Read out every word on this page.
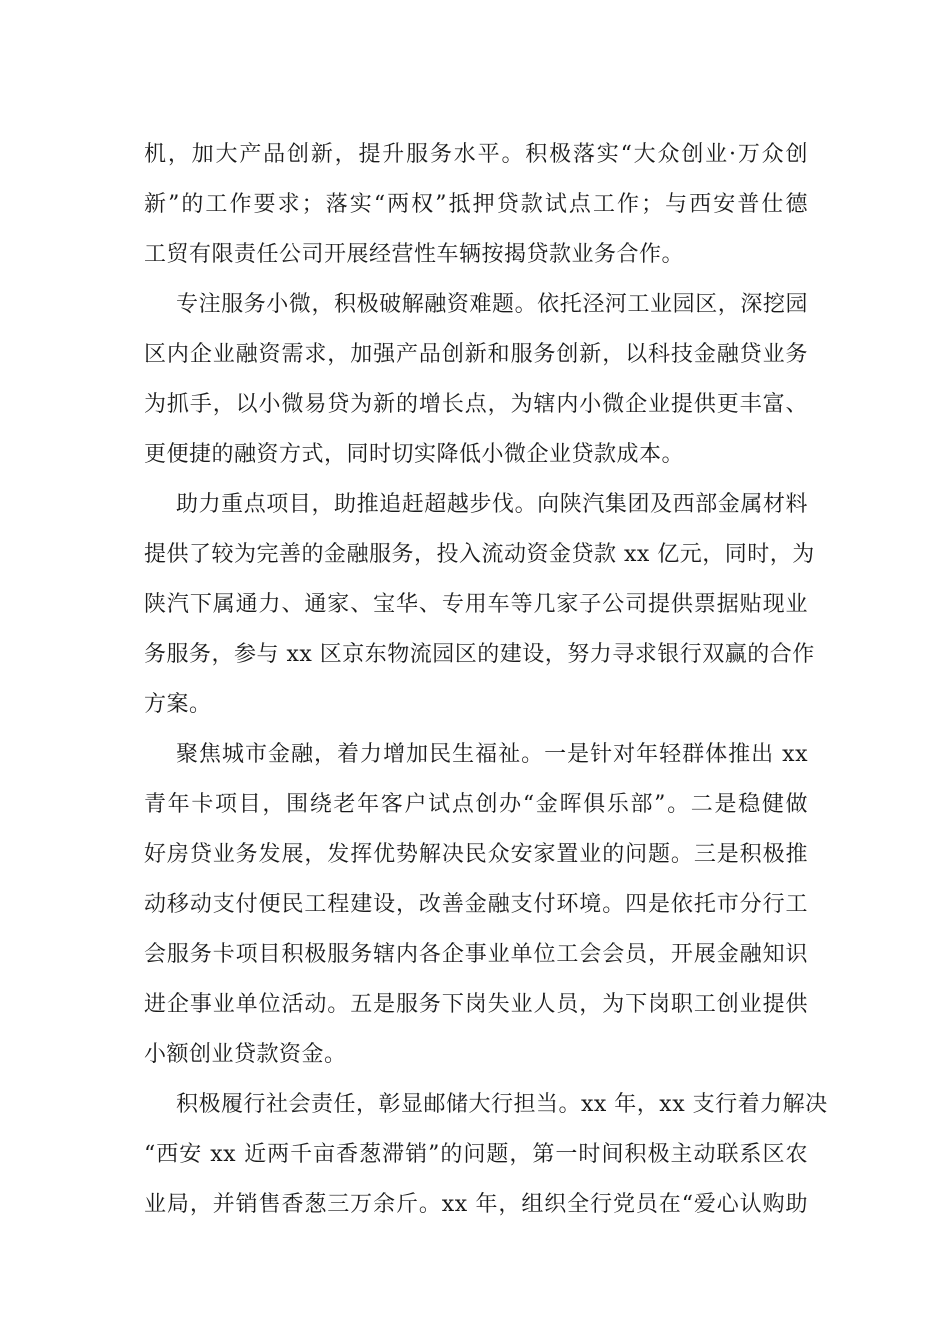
机，加大产品创新，提升服务水平。积极落实“大众创业·万众创
新”的工作要求；落实“两权”抵押贷款试点工作；与西安普仕德
工贸有限责任公司开展经营性车辆按揭贷款业务合作。
专注服务小微，积极破解融资难题。依托泾河工业园区，深挖园
区内企业融资需求，加强产品创新和服务创新，以科技金融贷业务
为抓手，以小微易贷为新的增长点，为辖内小微企业提供更丰富、
更便捷的融资方式，同时切实降低小微企业贷款成本。
助力重点项目，助推追赶超越步伐。向陕汽集团及西部金属材料
提供了较为完善的金融服务，投入流动资金贷款 xx 亿元，同时，为
陕汽下属通力、通家、宝华、专用车等几家子公司提供票据贴现业
务服务，参与 xx 区京东物流园区的建设，努力寻求银行双赢的合作
方案。
聚焦城市金融，着力增加民生福祉。一是针对年轻群体推出 xx
青年卡项目，围绕老年客户试点创办“金晖俱乐部”。二是稳健做
好房贷业务发展，发挥优势解决民众安家置业的问题。三是积极推
动移动支付便民工程建设，改善金融支付环境。四是依托市分行工
会服务卡项目积极服务辖内各企事业单位工会会员，开展金融知识
进企事业单位活动。五是服务下岗失业人员，为下岗职工创业提供
小额创业贷款资金。
积极履行社会责任，彰显邮储大行担当。xx 年，xx 支行着力解决
“西安 xx 近两千亩香葱滞销”的问题，第一时间积极主动联系区农
业局，并销售香葱三万余斤。xx 年，组织全行党员在“爱心认购助
